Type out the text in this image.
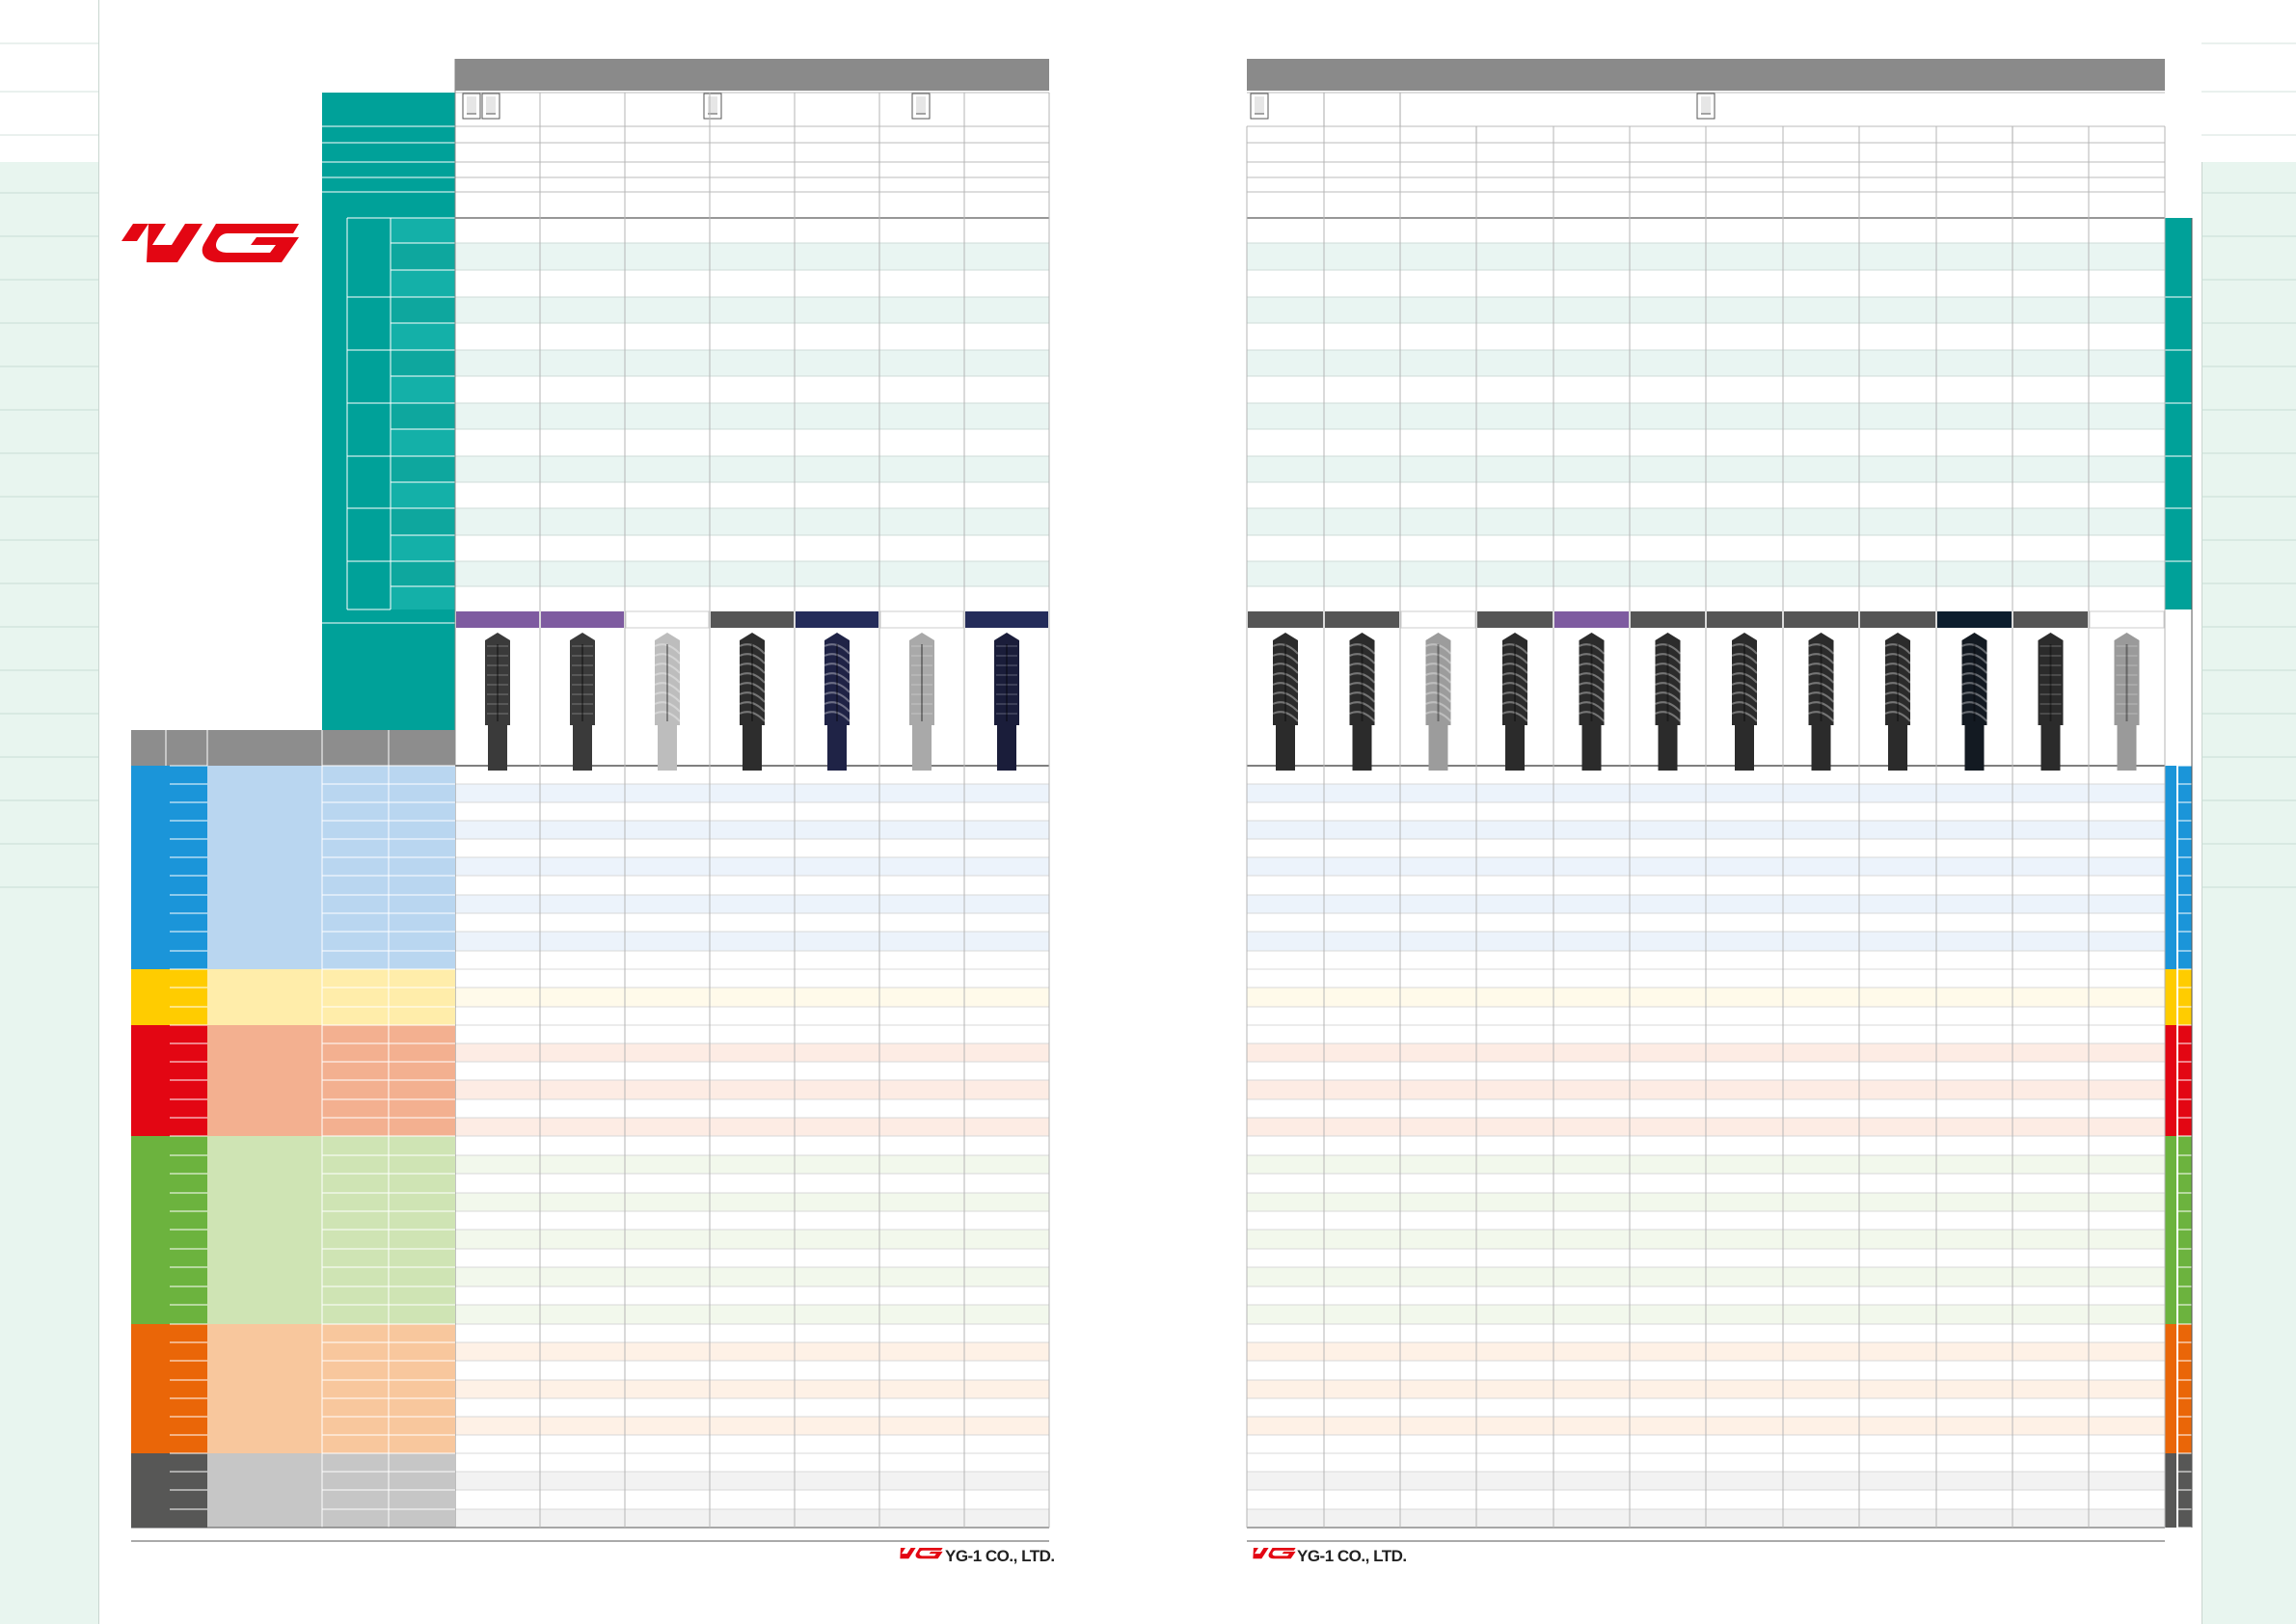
YG-1 CO., LTD.	YG-1 CO., LTD.
